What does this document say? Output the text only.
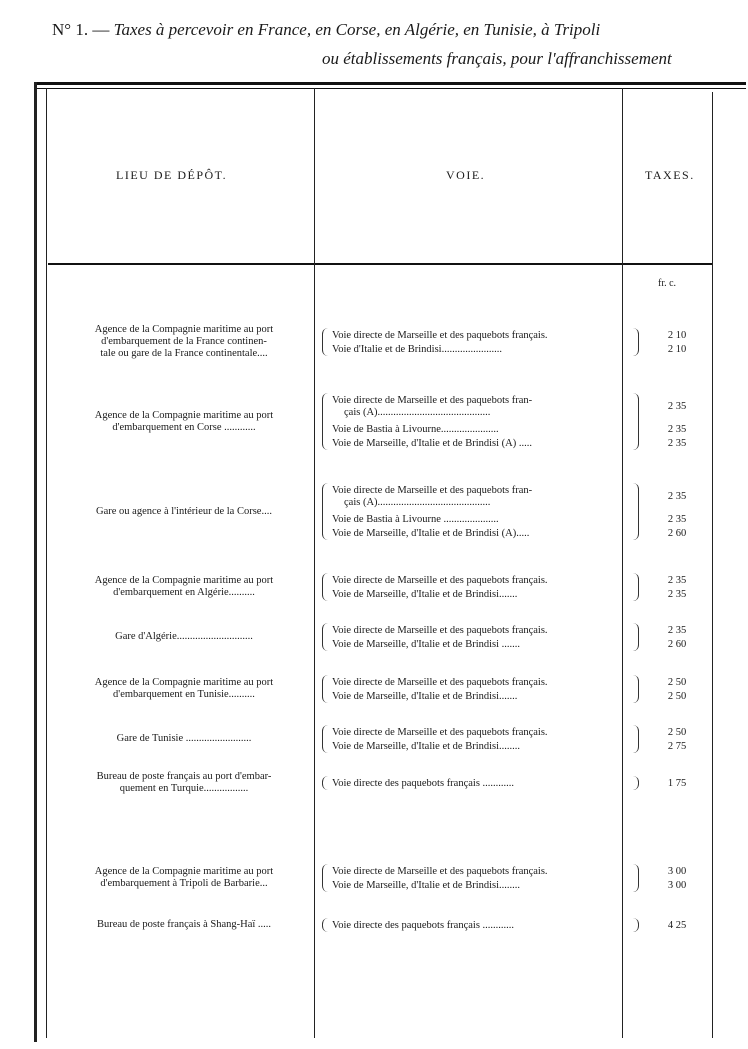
N° 1. — Taxes à percevoir en France, en Corse, en Algérie, en Tunisie, à Tripoli
ou établissements français, pour l'affranchissement
LIEU DE DÉPÔT.	VOIE.	TAXES.
fr. c.
Agence de la Compagnie maritime au port
d'embarquement de la France continen-
tale ou gare de la France continentale....
Voie directe de Marseille et des paquebots français.	2 10
Voie d'Italie et de Brindisi.......................	2 10
Agence de la Compagnie maritime au port
d'embarquement en Corse ............
Voie directe de Marseille et des paquebots fran-
çais (A)...........................................
2 35
Voie de Bastia à Livourne......................	2 35
Voie de Marseille, d'Italie et de Brindisi (A) .....	2 35
Gare ou agence à l'intérieur de la Corse....
Voie directe de Marseille et des paquebots fran-
çais (A)...........................................
2 35
Voie de Bastia à Livourne .....................	2 35
Voie de Marseille, d'Italie et de Brindisi (A).....	2 60
Agence de la Compagnie maritime au port
d'embarquement en Algérie..........
Voie directe de Marseille et des paquebots français.	2 35
Voie de Marseille, d'Italie et de Brindisi.......	2 35
Gare d'Algérie.............................
Voie directe de Marseille et des paquebots français.	2 35
Voie de Marseille, d'Italie et de Brindisi .......	2 60
Agence de la Compagnie maritime au port
d'embarquement en Tunisie..........
Voie directe de Marseille et des paquebots français.	2 50
Voie de Marseille, d'Italie et de Brindisi.......	2 50
Gare de Tunisie .........................
Voie directe de Marseille et des paquebots français.	2 50
Voie de Marseille, d'Italie et de Brindisi........	2 75
Bureau de poste français au port d'embar-
quement en Turquie.................	Voie directe des paquebots français ............	1 75
Agence de la Compagnie maritime au port
d'embarquement à Tripoli de Barbarie...
Voie directe de Marseille et des paquebots français.	3 00
Voie de Marseille, d'Italie et de Brindisi........	3 00
Bureau de poste français à Shang-Haï .....	Voie directe des paquebots français ............	4 25
